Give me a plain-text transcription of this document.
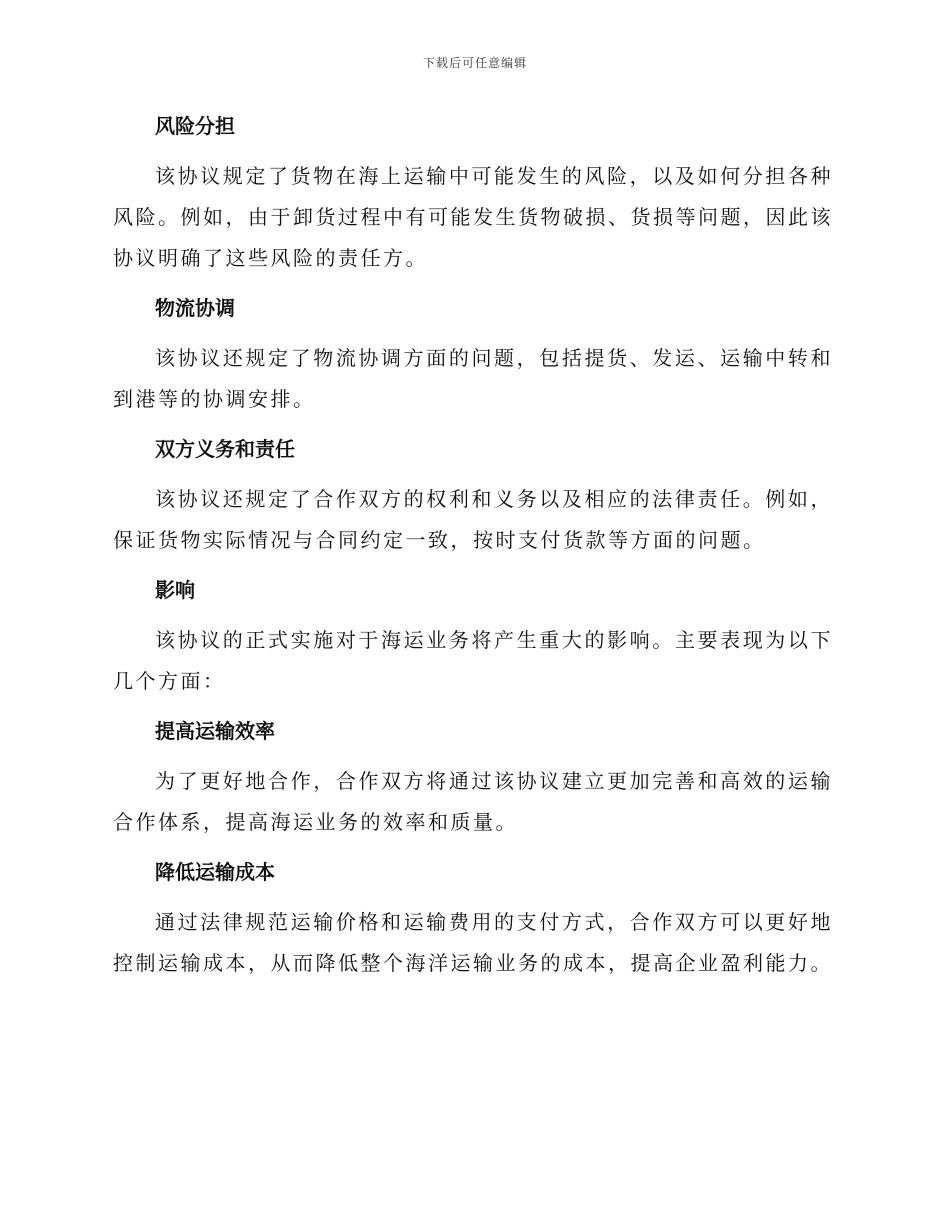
下载后可任意编辑
风险分担

该协议规定了货物在海上运输中可能发生的风险，以及如何分担各种风险。例如，由于卸货过程中有可能发生货物破损、货损等问题，因此该协议明确了这些风险的责任方。

物流协调

该协议还规定了物流协调方面的问题，包括提货、发运、运输中转和到港等的协调安排。

双方义务和责任

该协议还规定了合作双方的权利和义务以及相应的法律责任。例如，保证货物实际情况与合同约定一致，按时支付货款等方面的问题。

影响

该协议的正式实施对于海运业务将产生重大的影响。主要表现为以下几个方面：

提高运输效率

为了更好地合作，合作双方将通过该协议建立更加完善和高效的运输合作体系，提高海运业务的效率和质量。

降低运输成本

通过法律规范运输价格和运输费用的支付方式，合作双方可以更好地控制运输成本，从而降低整个海洋运输业务的成本，提高企业盈利能力。
